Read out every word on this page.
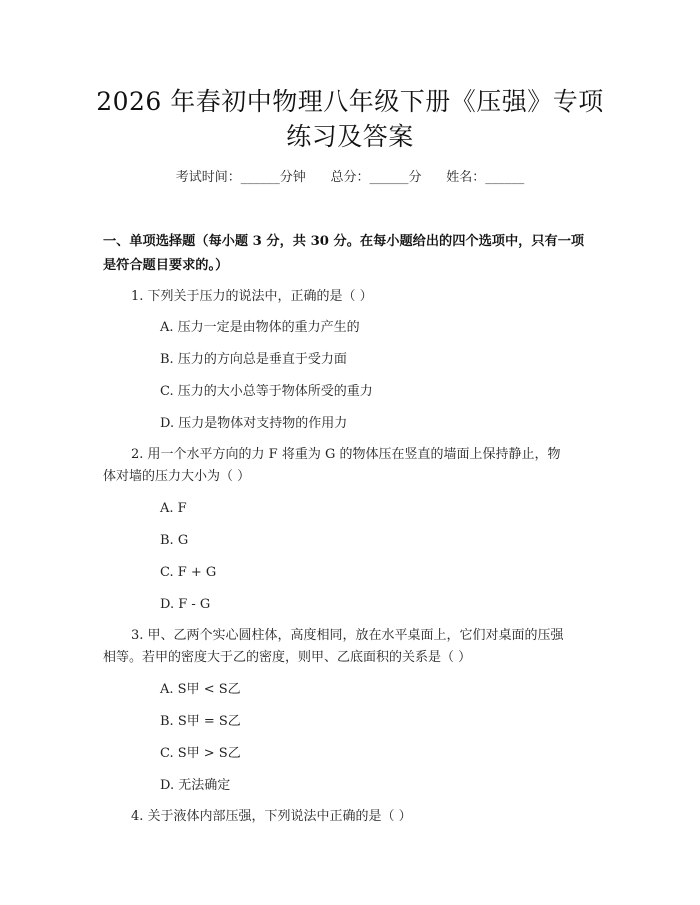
2026 年春初中物理八年级下册《压强》专项
练习及答案
考试时间：______分钟      总分：______分      姓名：______
一、单项选择题（每小题 3 分，共 30 分。在每小题给出的四个选项中，只有一项
是符合题目要求的。）
1. 下列关于压力的说法中，正确的是（ ）
A. 压力一定是由物体的重力产生的
B. 压力的方向总是垂直于受力面
C. 压力的大小总等于物体所受的重力
D. 压力是物体对支持物的作用力
2. 用一个水平方向的力 F 将重为 G 的物体压在竖直的墙面上保持静止，物
体对墙的压力大小为（ ）
A. F
B. G
C. F + G
D. F - G
3. 甲、乙两个实心圆柱体，高度相同，放在水平桌面上，它们对桌面的压强
相等。若甲的密度大于乙的密度，则甲、乙底面积的关系是（ ）
A. S甲 < S乙
B. S甲 = S乙
C. S甲 > S乙
D. 无法确定
4. 关于液体内部压强，下列说法中正确的是（ ）
